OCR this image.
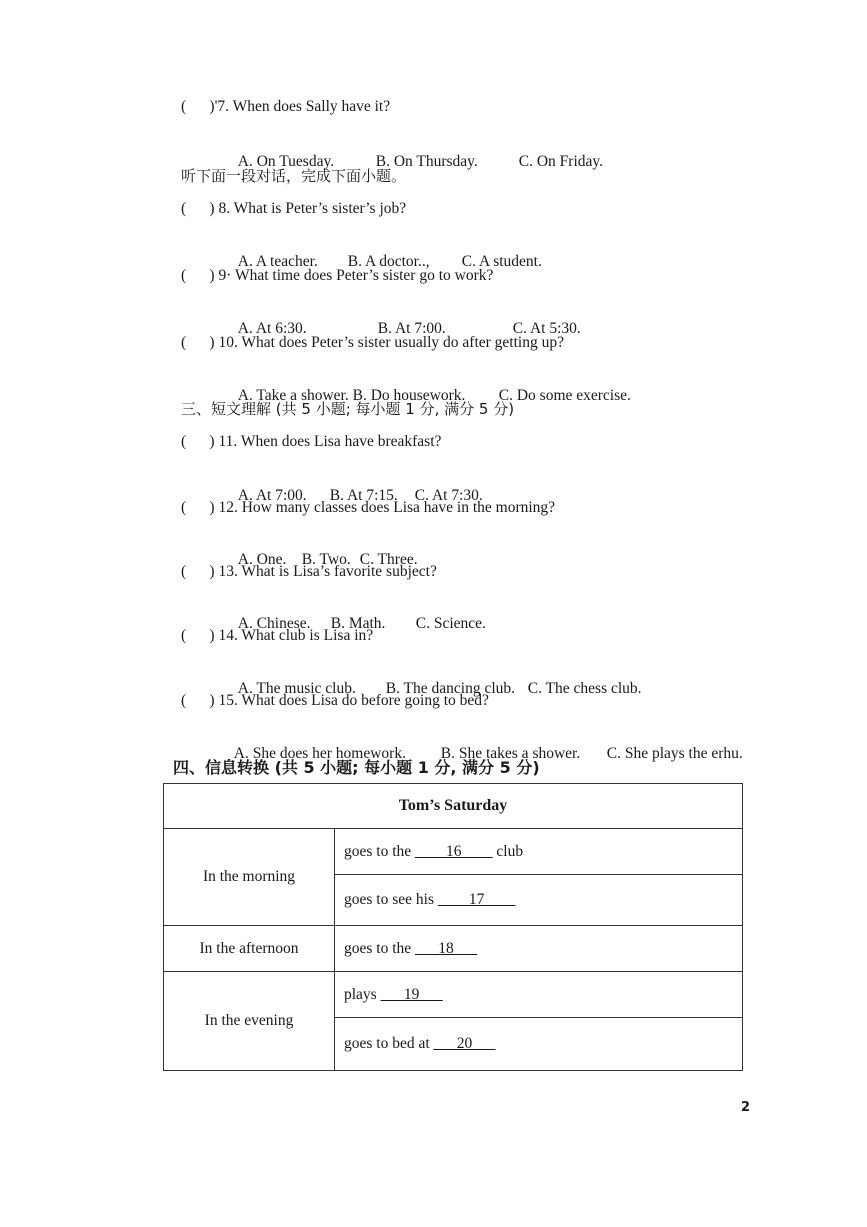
(      )'7. When does Sally have it?

A. On Tuesday.	B. On Thursday.	C. On Friday.

听下面一段对话，完成下面小题。
(      ) 8. What is Peter’s sister’s job?

A. A teacher. B. A doctor.., C. A student.

(      ) 9· What time does Peter’s sister go to work?

A. At 6:30.	B. At 7:00.	C. At 5:30.

(      ) 10. What does Peter’s sister usually do after getting up?

A. Take a shower. B. Do housework. C. Do some exercise.

三、短文理解 (共 5 小题; 每小题 1 分, 满分 5 分)
(      ) 11. When does Lisa have breakfast?

A. At 7:00. B. At 7:15. C. At 7:30.

(      ) 12. How many classes does Lisa have in the morning?

A. One. B. Two. C. Three.

(      ) 13. What is Lisa’s favorite subject?

A. Chinese. B. Math. C. Science.

(      ) 14. What club is Lisa in?

A. The music club. B. The dancing club. C. The chess club.

(      ) 15. What does Lisa do before going to bed?

A. She does her homework. B. She takes a shower. C. She plays the erhu.

四、信息转换 (共 5 小题; 每小题 1 分, 满分 5 分)
Tom’s Saturday	
In the morning	goes to the ____16____ club
	goes to see his ____17____
In the afternoon	goes to the ___18___
In the evening	plays ___19___
	goes to bed at ___20___
2
